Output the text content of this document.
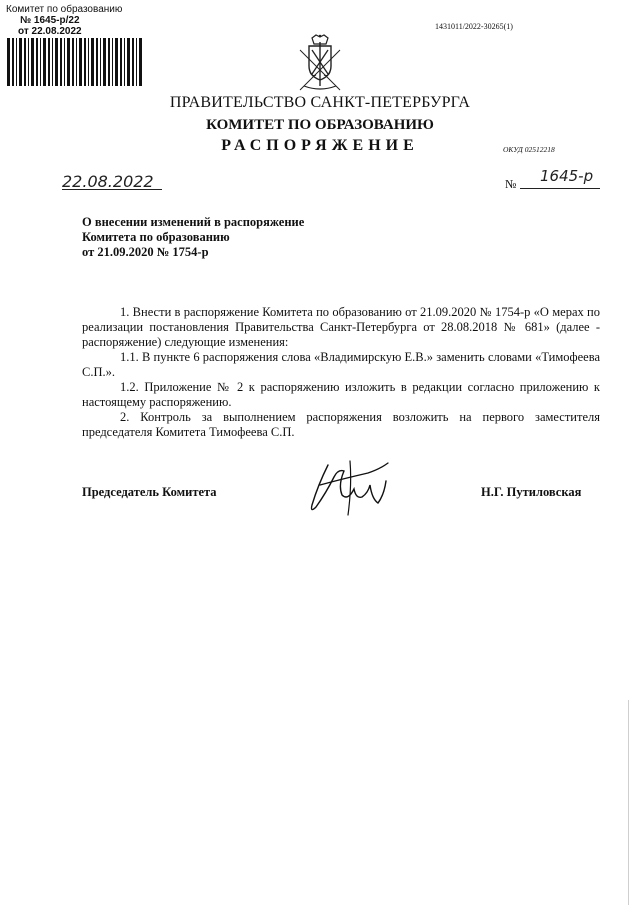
Комитет по образованию
№ 1645-р/22
от 22.08.2022	1431011/2022-30265(1)
ПРАВИТЕЛЬСТВО САНКТ-ПЕТЕРБУРГА
КОМИТЕТ ПО ОБРАЗОВАНИЮ
РАСПОРЯЖЕНИЕ	ОКУД 02512218
22.08.2022	№ 1645-р
О внесении изменений в распоряжение
Комитета по образованию
от 21.09.2020 № 1754-р

1. Внести в распоряжение Комитета по образованию от 21.09.2020 № 1754-р «О мерах по реализации постановления Правительства Санкт-Петербурга от 28.08.2018 № 681» (далее - распоряжение) следующие изменения:

1.1. В пункте 6 распоряжения слова «Владимирскую Е.В.» заменить словами «Тимофеева С.П.».

1.2. Приложение № 2 к распоряжению изложить в редакции согласно приложению к настоящему распоряжению.

2. Контроль за выполнением распоряжения возложить на первого заместителя председателя Комитета Тимофеева С.П.

Председатель Комитета	Н.Г. Путиловская
